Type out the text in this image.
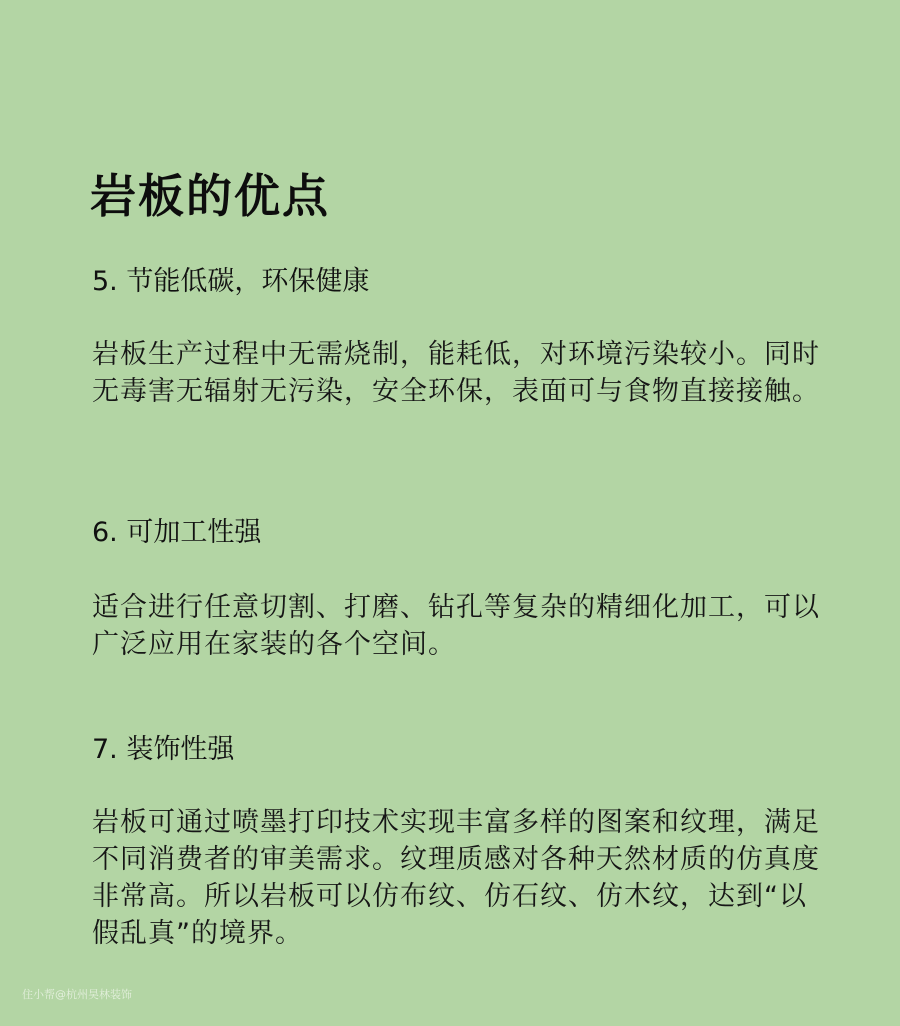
岩板的优点
5. 节能低碳，环保健康

岩板生产过程中无需烧制，能耗低，对环境污染较小。同时无毒害无辐射无污染，安全环保，表面可与食物直接接触。

6. 可加工性强

适合进行任意切割、打磨、钻孔等复杂的精细化加工，可以广泛应用在家装的各个空间。

7. 装饰性强

岩板可通过喷墨打印技术实现丰富多样的图案和纹理，满足不同消费者的审美需求。纹理质感对各种天然材质的仿真度非常高。所以岩板可以仿布纹、仿石纹、仿木纹，达到“以假乱真”的境界。

住小帮@杭州昊林装饰
